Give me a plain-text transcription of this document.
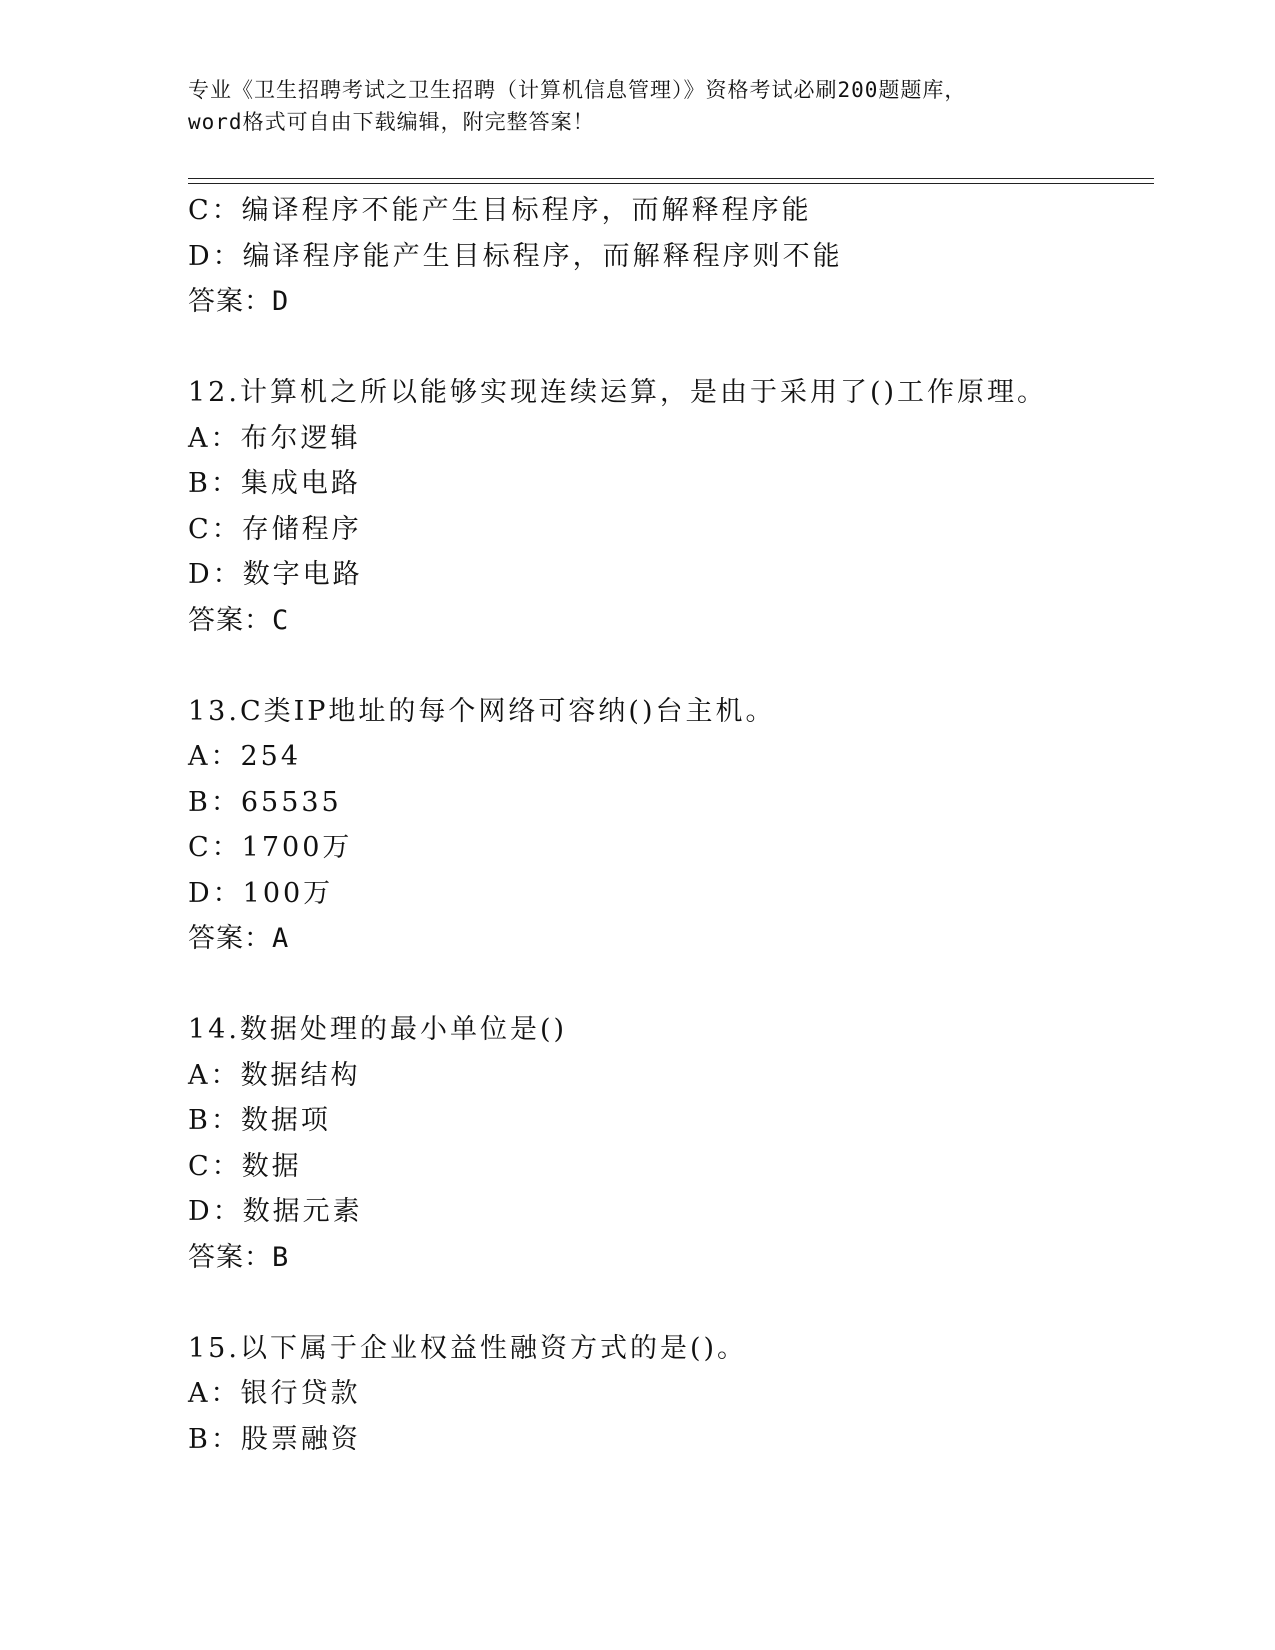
专业《卫生招聘考试之卫生招聘（计算机信息管理）》资格考试必刷200题题库，
word格式可自由下载编辑，附完整答案！
C：编译程序不能产生目标程序，而解释程序能
D：编译程序能产生目标程序，而解释程序则不能
答案：D
12.计算机之所以能够实现连续运算，是由于采用了()工作原理。
A：布尔逻辑
B：集成电路
C：存储程序
D：数字电路
答案：C
13.C类IP地址的每个网络可容纳()台主机。
A：254
B：65535
C：1700万
D：100万
答案：A
14.数据处理的最小单位是()
A：数据结构
B：数据项
C：数据
D：数据元素
答案：B
15.以下属于企业权益性融资方式的是()。
A：银行贷款
B：股票融资
